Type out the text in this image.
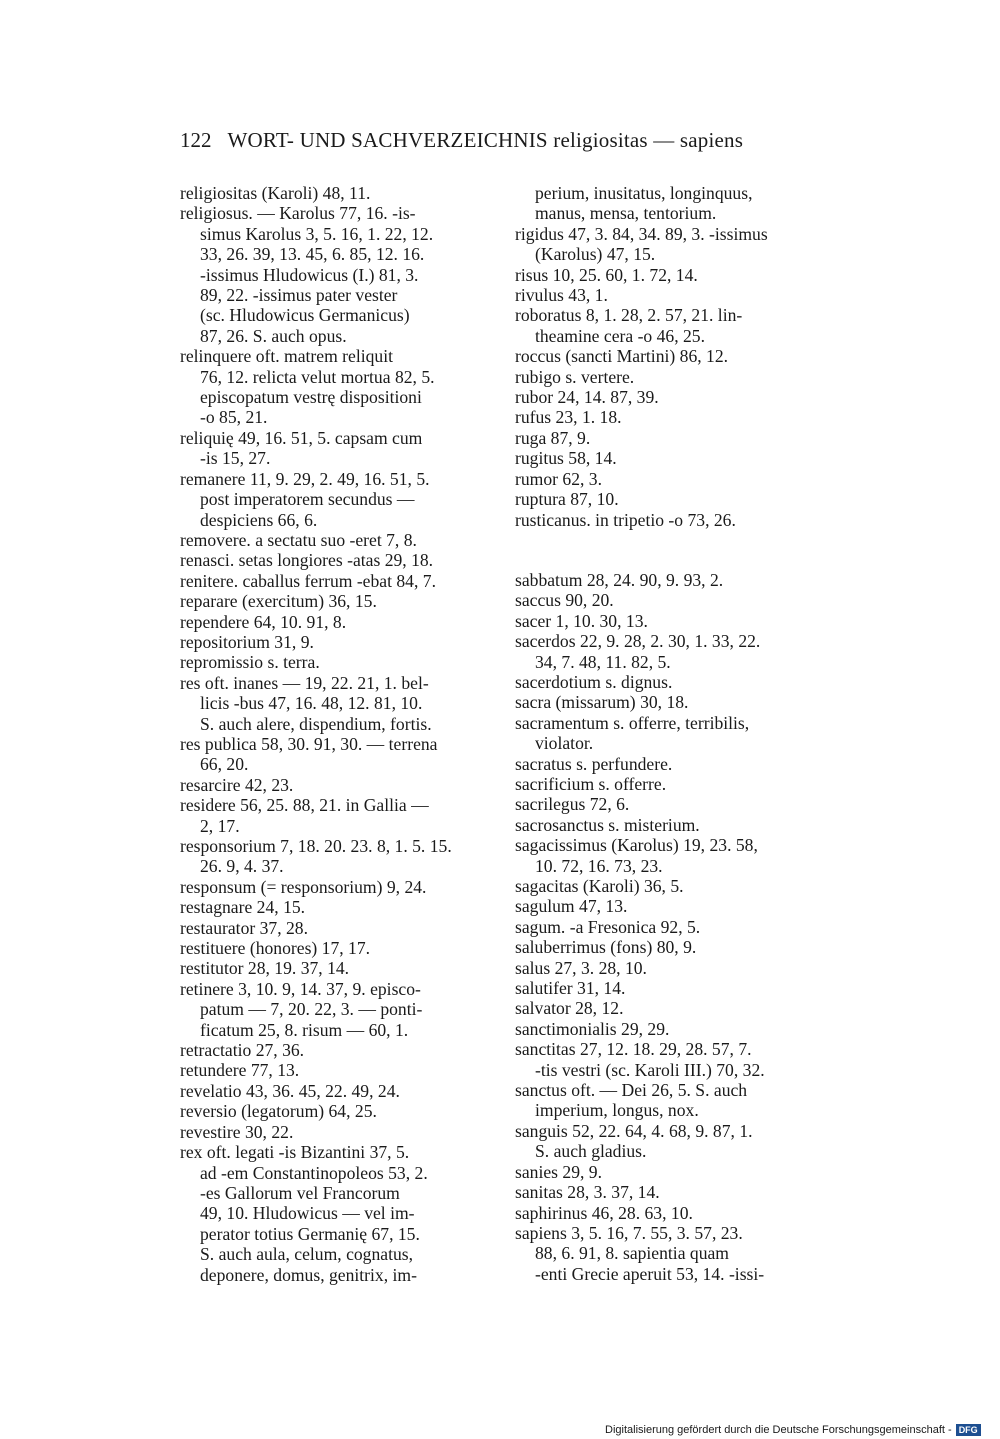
122 WORT- UND SACHVERZEICHNIS religiositas — sapiens
religiositas (Karoli) 48, 11.
religiosus. — Karolus 77, 16. -is-
simus Karolus 3, 5. 16, 1. 22, 12.
33, 26. 39, 13. 45, 6. 85, 12. 16.
-issimus Hludowicus (I.) 81, 3.
89, 22. -issimus pater vester
(sc. Hludowicus Germanicus)
87, 26. S. auch opus.
relinquere oft. matrem reliquit
76, 12. relicta velut mortua 82, 5.
episcopatum vestrę dispositioni
-o 85, 21.
reliquię 49, 16. 51, 5. capsam cum
-is 15, 27.
remanere 11, 9. 29, 2. 49, 16. 51, 5.
post imperatorem secundus —
despiciens 66, 6.
removere. a sectatu suo -eret 7, 8.
renasci. setas longiores -atas 29, 18.
renitere. caballus ferrum -ebat 84, 7.
reparare (exercitum) 36, 15.
rependere 64, 10. 91, 8.
repositorium 31, 9.
repromissio s. terra.
res oft. inanes — 19, 22. 21, 1. bel-
licis -bus 47, 16. 48, 12. 81, 10.
S. auch alere, dispendium, fortis.
res publica 58, 30. 91, 30. — terrena
66, 20.
resarcire 42, 23.
residere 56, 25. 88, 21. in Gallia —
2, 17.
responsorium 7, 18. 20. 23. 8, 1. 5. 15.
26. 9, 4. 37.
responsum (= responsorium) 9, 24.
restagnare 24, 15.
restaurator 37, 28.
restituere (honores) 17, 17.
restitutor 28, 19. 37, 14.
retinere 3, 10. 9, 14. 37, 9. episco-
patum — 7, 20. 22, 3. — ponti-
ficatum 25, 8. risum — 60, 1.
retractatio 27, 36.
retundere 77, 13.
revelatio 43, 36. 45, 22. 49, 24.
reversio (legatorum) 64, 25.
revestire 30, 22.
rex oft. legati -is Bizantini 37, 5.
ad -em Constantinopoleos 53, 2.
-es Gallorum vel Francorum
49, 10. Hludowicus — vel im-
perator totius Germanię 67, 15.
S. auch aula, celum, cognatus,
deponere, domus, genitrix, im-
perium, inusitatus, longinquus,
manus, mensa, tentorium.
rigidus 47, 3. 84, 34. 89, 3. -issimus
(Karolus) 47, 15.
risus 10, 25. 60, 1. 72, 14.
rivulus 43, 1.
roboratus 8, 1. 28, 2. 57, 21. lin-
theamine cera -o 46, 25.
roccus (sancti Martini) 86, 12.
rubigo s. vertere.
rubor 24, 14. 87, 39.
rufus 23, 1. 18.
ruga 87, 9.
rugitus 58, 14.
rumor 62, 3.
ruptura 87, 10.
rusticanus. in tripetio -o 73, 26.
sabbatum 28, 24. 90, 9. 93, 2.
saccus 90, 20.
sacer 1, 10. 30, 13.
sacerdos 22, 9. 28, 2. 30, 1. 33, 22.
34, 7. 48, 11. 82, 5.
sacerdotium s. dignus.
sacra (missarum) 30, 18.
sacramentum s. offerre, terribilis,
violator.
sacratus s. perfundere.
sacrificium s. offerre.
sacrilegus 72, 6.
sacrosanctus s. misterium.
sagacissimus (Karolus) 19, 23. 58,
10. 72, 16. 73, 23.
sagacitas (Karoli) 36, 5.
sagulum 47, 13.
sagum. -a Fresonica 92, 5.
saluberrimus (fons) 80, 9.
salus 27, 3. 28, 10.
salutifer 31, 14.
salvator 28, 12.
sanctimonialis 29, 29.
sanctitas 27, 12. 18. 29, 28. 57, 7.
-tis vestri (sc. Karoli III.) 70, 32.
sanctus oft. — Dei 26, 5. S. auch
imperium, longus, nox.
sanguis 52, 22. 64, 4. 68, 9. 87, 1.
S. auch gladius.
sanies 29, 9.
sanitas 28, 3. 37, 14.
saphirinus 46, 28. 63, 10.
sapiens 3, 5. 16, 7. 55, 3. 57, 23.
88, 6. 91, 8. sapientia quam
-enti Grecie aperuit 53, 14. -issi-
Digitalisierung gefördert durch die Deutsche Forschungsgemeinschaft - DFG
